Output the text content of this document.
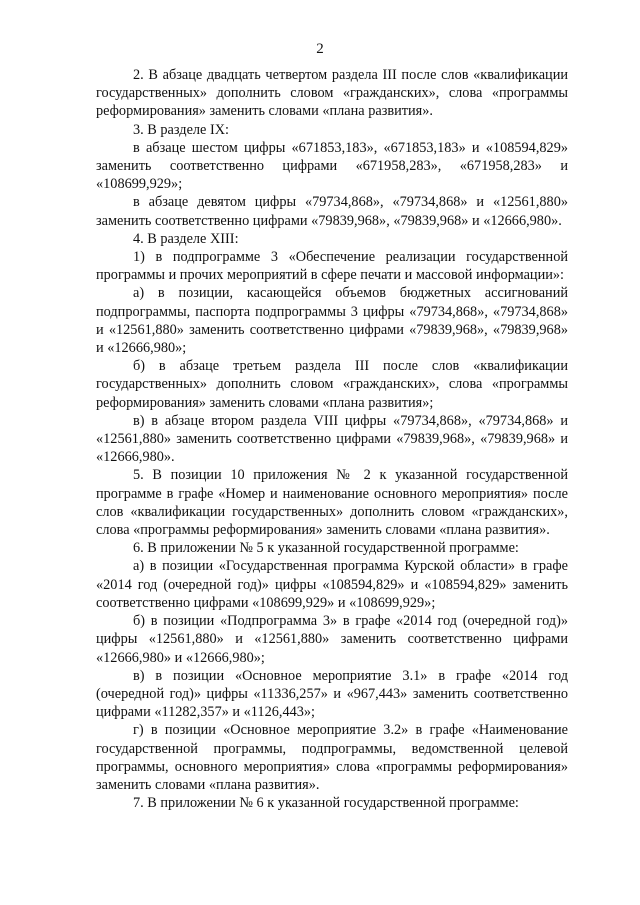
2

2. В абзаце двадцать четвертом раздела III после слов «квалификации государственных» дополнить словом «гражданских», слова «программы реформирования» заменить словами «плана развития».

3. В разделе IX:

в абзаце шестом цифры «671853,183», «671853,183» и «108594,829» заменить соответственно цифрами «671958,283», «671958,283» и «108699,929»;

в абзаце девятом цифры «79734,868», «79734,868» и «12561,880» заменить соответственно цифрами «79839,968», «79839,968» и «12666,980».

4. В разделе XIII:

1) в подпрограмме 3 «Обеспечение реализации государственной программы и прочих мероприятий в сфере печати и массовой информации»:

а) в позиции, касающейся объемов бюджетных ассигнований подпрограммы, паспорта подпрограммы 3 цифры «79734,868», «79734,868» и «12561,880» заменить соответственно цифрами «79839,968», «79839,968» и «12666,980»;

б) в абзаце третьем раздела III после слов «квалификации государственных» дополнить словом «гражданских», слова «программы реформирования» заменить словами «плана развития»;

в) в абзаце втором раздела VIII цифры «79734,868», «79734,868» и «12561,880» заменить соответственно цифрами «79839,968», «79839,968» и «12666,980».

5. В позиции 10 приложения № 2 к указанной государственной программе в графе «Номер и наименование основного мероприятия» после слов «квалификации государственных» дополнить словом «гражданских», слова «программы реформирования» заменить словами «плана развития».

6. В приложении № 5 к указанной государственной программе:

а) в позиции «Государственная программа Курской области» в графе «2014 год (очередной год)» цифры «108594,829» и «108594,829» заменить соответственно цифрами «108699,929» и «108699,929»;

б) в позиции «Подпрограмма 3» в графе «2014 год (очередной год)» цифры «12561,880» и «12561,880» заменить соответственно цифрами «12666,980» и «12666,980»;

в) в позиции «Основное мероприятие 3.1» в графе «2014 год (очередной год)» цифры «11336,257» и «967,443» заменить соответственно цифрами «11282,357» и «1126,443»;

г) в позиции «Основное мероприятие 3.2» в графе «Наименование государственной программы, подпрограммы, ведомственной целевой программы, основного мероприятия» слова «программы реформирования» заменить словами «плана развития».

7. В приложении № 6 к указанной государственной программе:
